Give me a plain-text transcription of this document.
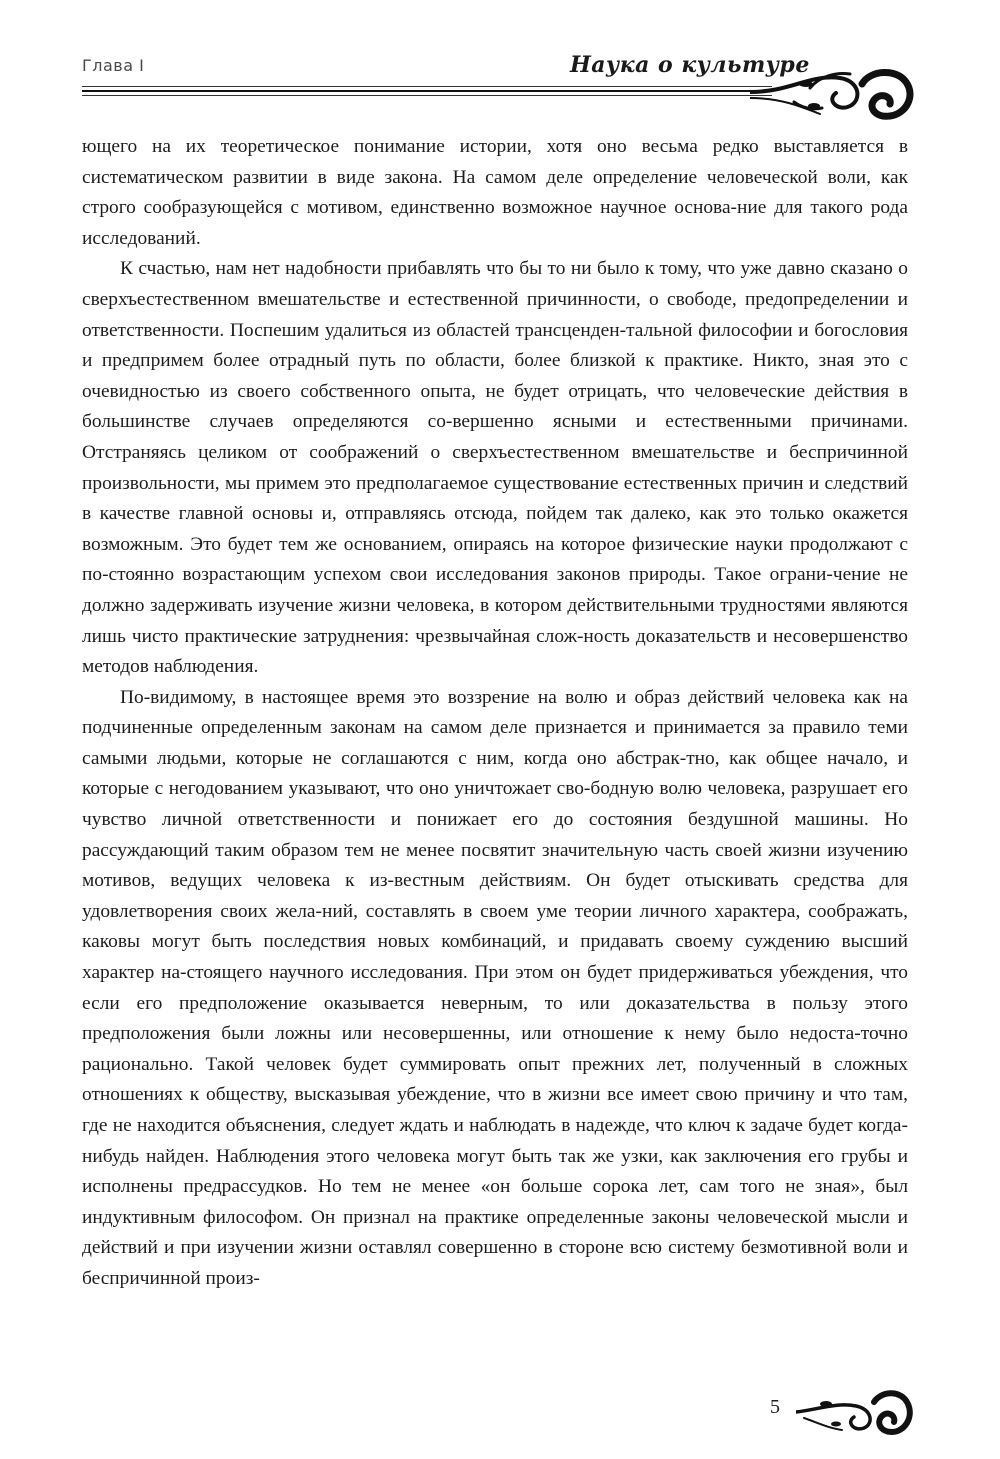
Глава I	Наука о культуре

ющего на их теоретическое понимание истории, хотя оно весьма редко выставляется в систематическом развитии в виде закона. На самом деле определение человеческой воли, как строго сообразующейся с мотивом, единственно возможное научное основа-ние для такого рода исследований.

К счастью, нам нет надобности прибавлять что бы то ни было к тому, что уже давно сказано о сверхъестественном вмешательстве и естественной причинности, о свободе, предопределении и ответственности. Поспешим удалиться из областей трансценден-тальной философии и богословия и предпримем более отрадный путь по области, более близкой к практике. Никто, зная это с очевидностью из своего собственного опыта, не будет отрицать, что человеческие действия в большинстве случаев определяются со-вершенно ясными и естественными причинами. Отстраняясь целиком от соображений о сверхъестественном вмешательстве и беспричинной произвольности, мы примем это предполагаемое существование естественных причин и следствий в качестве главной основы и, отправляясь отсюда, пойдем так далеко, как это только окажется возможным. Это будет тем же основанием, опираясь на которое физические науки продолжают с по-стоянно возрастающим успехом свои исследования законов природы. Такое ограни-чение не должно задерживать изучение жизни человека, в котором действительными трудностями являются лишь чисто практические затруднения: чрезвычайная слож-ность доказательств и несовершенство методов наблюдения.

По-видимому, в настоящее время это воззрение на волю и образ действий человека как на подчиненные определенным законам на самом деле признается и принимается за правило теми самыми людьми, которые не соглашаются с ним, когда оно абстрак-тно, как общее начало, и которые с негодованием указывают, что оно уничтожает сво-бодную волю человека, разрушает его чувство личной ответственности и понижает его до состояния бездушной машины. Но рассуждающий таким образом тем не менее посвятит значительную часть своей жизни изучению мотивов, ведущих человека к из-вестным действиям. Он будет отыскивать средства для удовлетворения своих жела-ний, составлять в своем уме теории личного характера, соображать, каковы могут быть последствия новых комбинаций, и придавать своему суждению высший характер на-стоящего научного исследования. При этом он будет придерживаться убеждения, что если его предположение оказывается неверным, то или доказательства в пользу этого предположения были ложны или несовершенны, или отношение к нему было недоста-точно рационально. Такой человек будет суммировать опыт прежних лет, полученный в сложных отношениях к обществу, высказывая убеждение, что в жизни все имеет свою причину и что там, где не находится объяснения, следует ждать и наблюдать в надежде, что ключ к задаче будет когда-нибудь найден. Наблюдения этого человека могут быть так же узки, как заключения его грубы и исполнены предрассудков. Но тем не менее «он больше сорока лет, сам того не зная», был индуктивным философом. Он признал на практике определенные законы человеческой мысли и действий и при изучении жизни оставлял совершенно в стороне всю систему безмотивной воли и беспричинной произ-

5
